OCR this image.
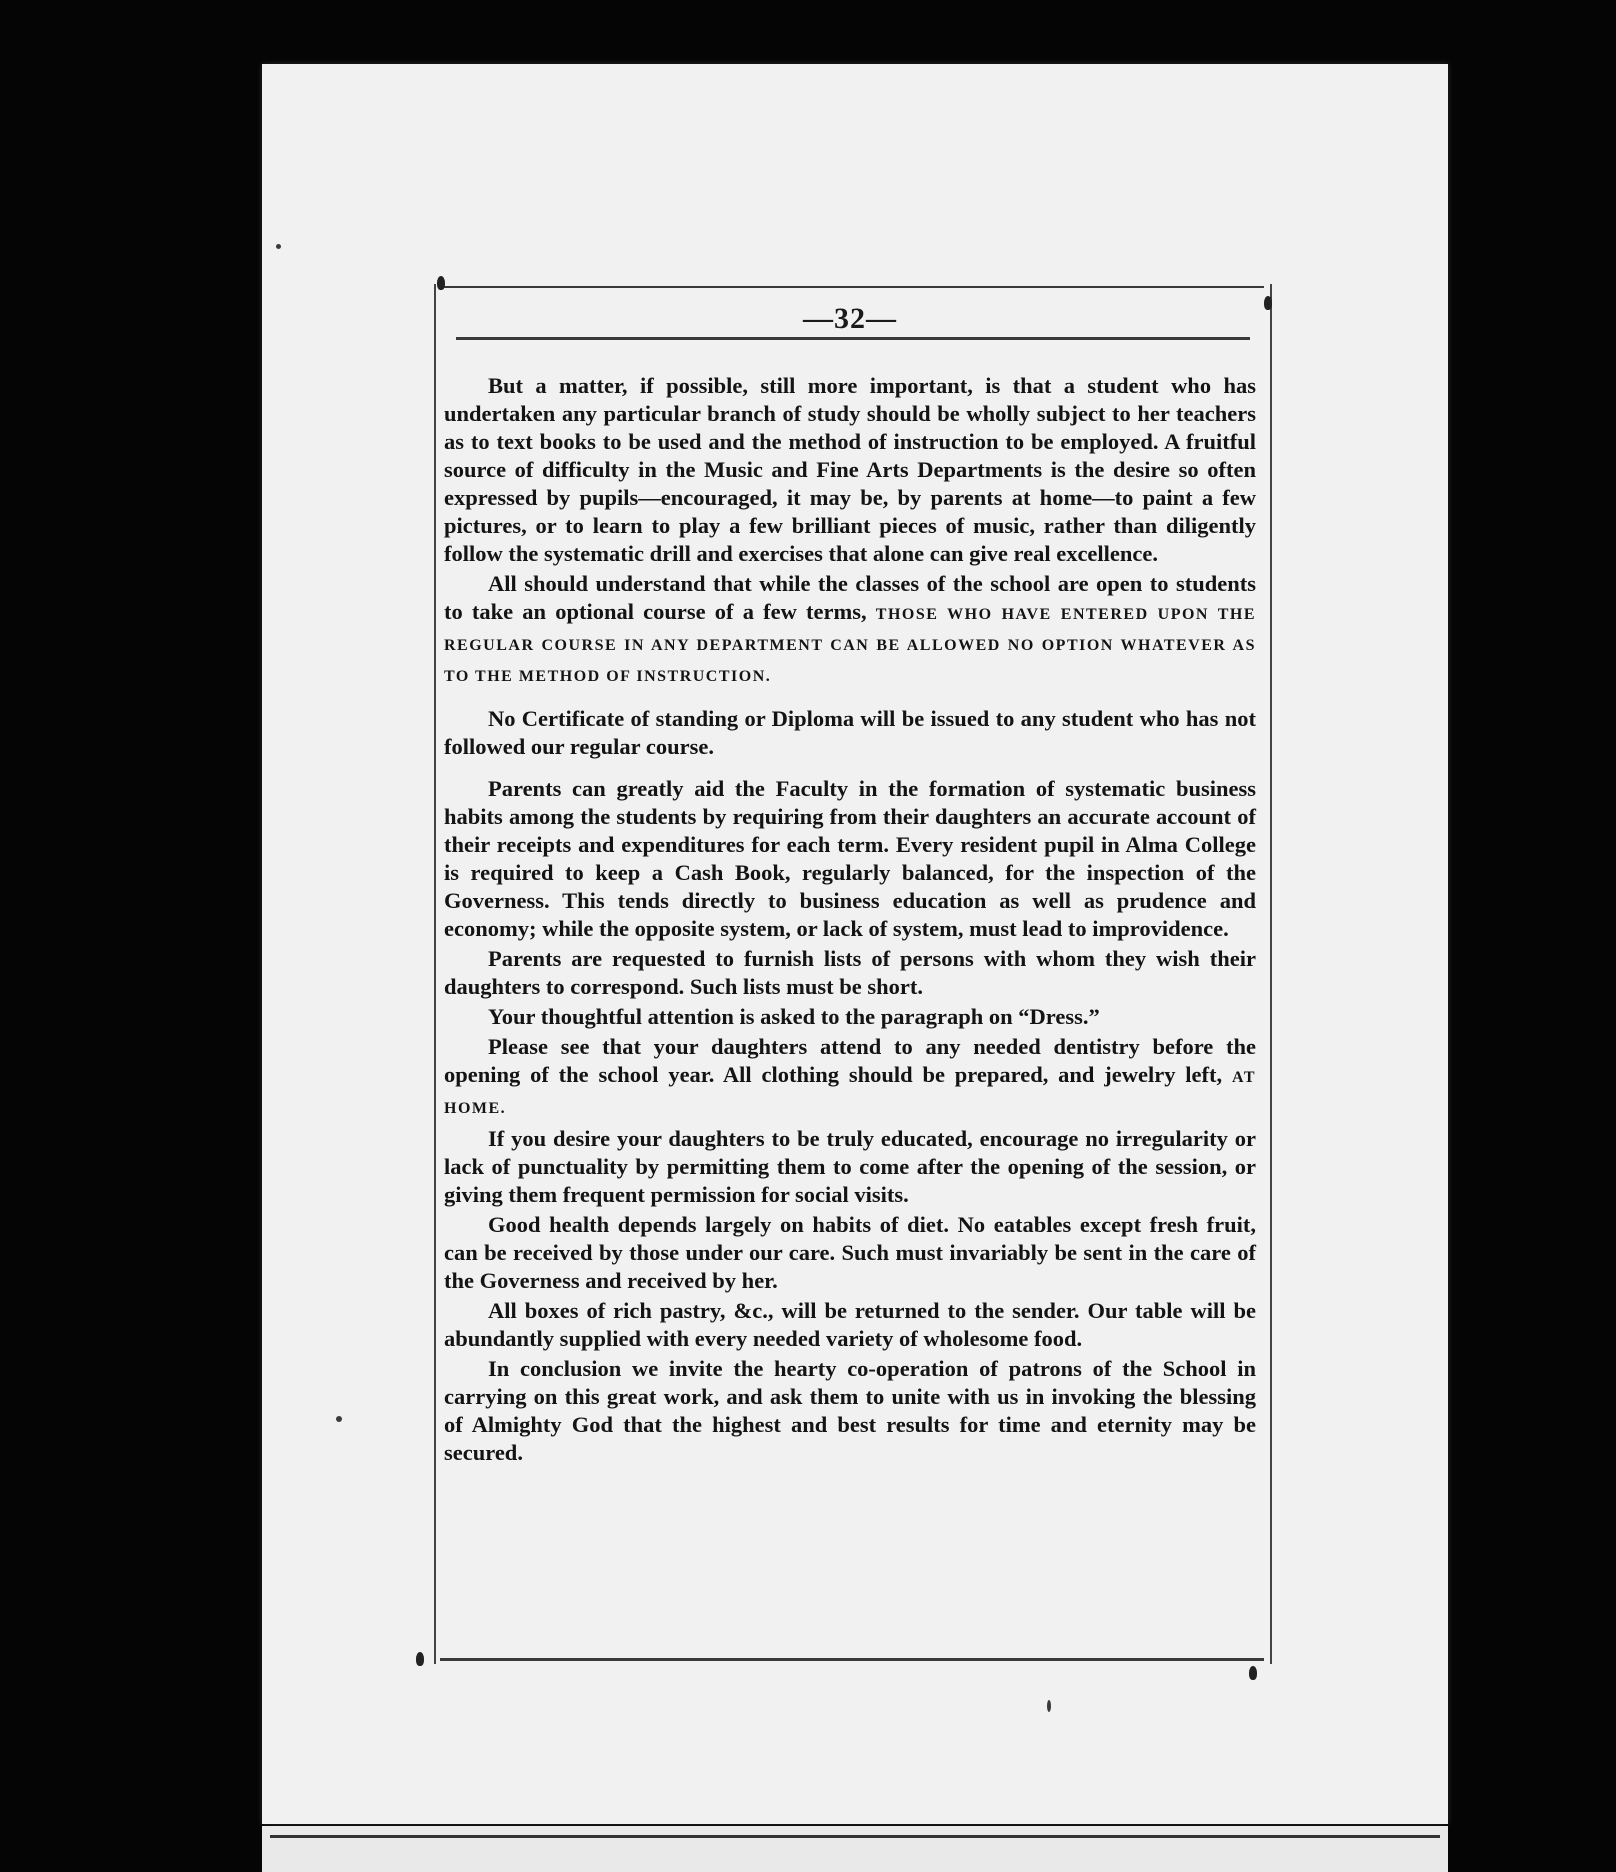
—32—

But a matter, if possible, still more important, is that a student who has undertaken any particular branch of study should be wholly subject to her teachers as to text books to be used and the method of instruction to be employed. A fruitful source of difficulty in the Music and Fine Arts Departments is the desire so often expressed by pupils—encouraged, it may be, by parents at home—to paint a few pictures, or to learn to play a few brilliant pieces of music, rather than diligently follow the systematic drill and exercises that alone can give real excellence.

All should understand that while the classes of the school are open to students to take an optional course of a few terms, THOSE WHO HAVE ENTERED UPON THE REGULAR COURSE IN ANY DEPARTMENT CAN BE ALLOWED NO OPTION WHATEVER AS TO THE METHOD OF INSTRUCTION.

No Certificate of standing or Diploma will be issued to any student who has not followed our regular course.

Parents can greatly aid the Faculty in the formation of systematic business habits among the students by requiring from their daughters an accurate account of their receipts and expenditures for each term. Every resident pupil in Alma College is required to keep a Cash Book, regularly balanced, for the inspection of the Governess. This tends directly to business education as well as prudence and economy; while the opposite system, or lack of system, must lead to improvidence.

Parents are requested to furnish lists of persons with whom they wish their daughters to correspond. Such lists must be short.

Your thoughtful attention is asked to the paragraph on “Dress.”

Please see that your daughters attend to any needed dentistry before the opening of the school year. All clothing should be prepared, and jewelry left, AT HOME.

If you desire your daughters to be truly educated, encourage no irregularity or lack of punctuality by permitting them to come after the opening of the session, or giving them frequent permission for social visits.

Good health depends largely on habits of diet. No eatables except fresh fruit, can be received by those under our care. Such must invariably be sent in the care of the Governess and received by her.

All boxes of rich pastry, &c., will be returned to the sender. Our table will be abundantly supplied with every needed variety of wholesome food.

In conclusion we invite the hearty co-operation of patrons of the School in carrying on this great work, and ask them to unite with us in invoking the blessing of Almighty God that the highest and best results for time and eternity may be secured.
